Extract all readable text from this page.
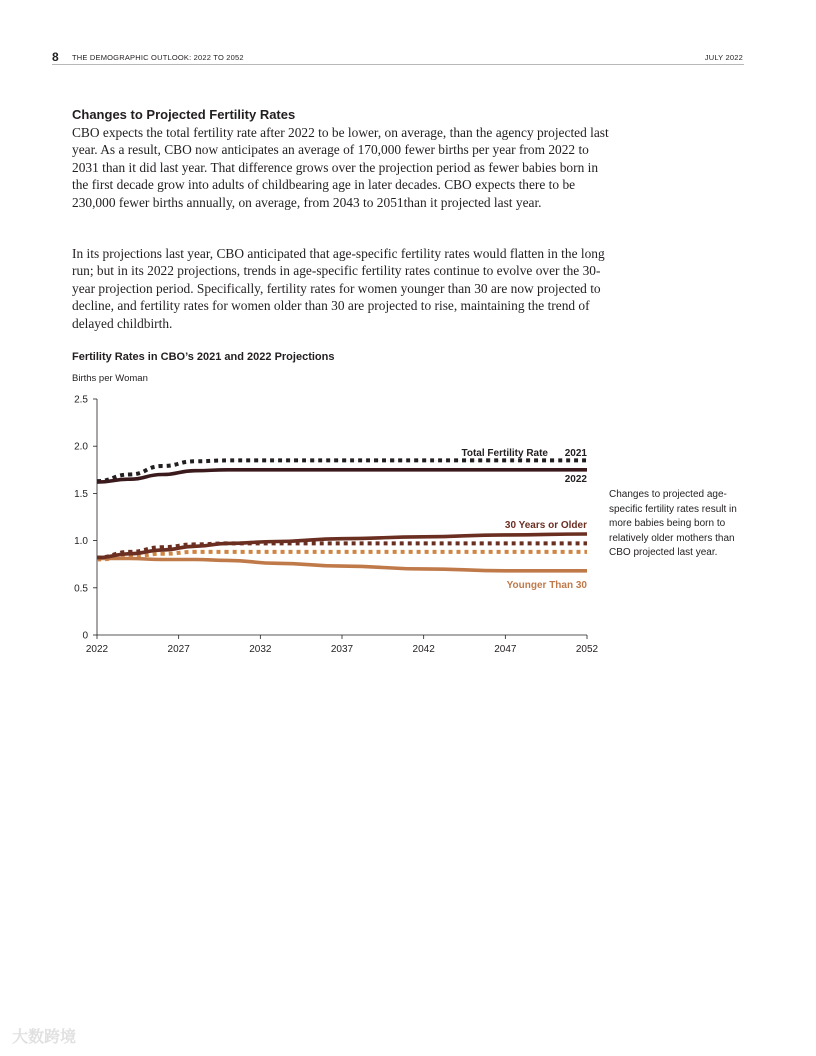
8 THE DEMOGRAPHIC OUTLOOK: 2022 TO 2052	JULY 2022
Changes to Projected Fertility Rates

CBO expects the total fertility rate after 2022 to be lower, on average, than the agency projected last year. As a result, CBO now anticipates an average of 170,000 fewer births per year from 2022 to 2031 than it did last year. That difference grows over the projection period as fewer babies born in the first decade grow into adults of childbearing age in later decades. CBO expects there to be 230,000 fewer births annually, on average, from 2043 to 2051than it projected last year.

In its projections last year, CBO anticipated that age-specific fertility rates would flatten in the long run; but in its 2022 projections, trends in age-specific fertility rates continue to evolve over the 30-year projection period. Specifically, fertility rates for women younger than 30 are now projected to decline, and fertility rates for women older than 30 are projected to rise, maintaining the trend of delayed childbirth.

Fertility Rates in CBO’s 2021 and 2022 Projections
Births per Woman
0
0.5
1.0
1.5
2.0
2.5
2022	2027	2032	2037	2042	2047	2052
Total Fertility Rate 2021
2022
30 Years or Older
Younger Than 30
Changes to projected age-specific fertility rates result in more babies being born to relatively older mothers than CBO projected last year.
大数跨境
